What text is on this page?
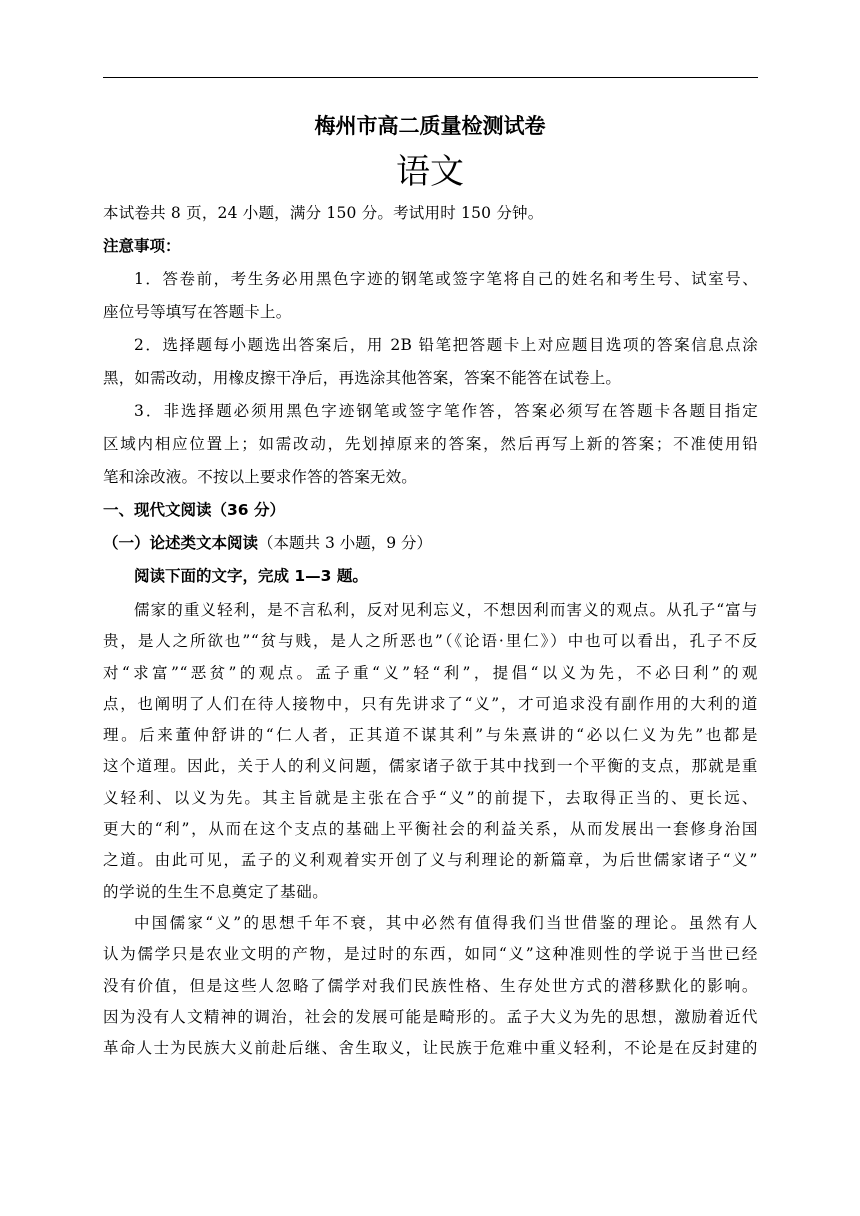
梅州市高二质量检测试卷
语文

本试卷共 8 页，24 小题，满分 150 分。考试用时 150 分钟。

注意事项：

1．答卷前，考生务必用黑色字迹的钢笔或签字笔将自己的姓名和考生号、试室号、

座位号等填写在答题卡上。

2．选择题每小题选出答案后，用 2B 铅笔把答题卡上对应题目选项的答案信息点涂

黑，如需改动，用橡皮擦干净后，再选涂其他答案，答案不能答在试卷上。

3．非选择题必须用黑色字迹钢笔或签字笔作答，答案必须写在答题卡各题目指定

区域内相应位置上；如需改动，先划掉原来的答案，然后再写上新的答案；不准使用铅

笔和涂改液。不按以上要求作答的答案无效。

一、现代文阅读（36 分）

（一）论述类文本阅读（本题共 3 小题，9 分）

阅读下面的文字，完成 1—3 题。

儒家的重义轻利，是不言私利，反对见利忘义，不想因利而害义的观点。从孔子“富与
贵，是人之所欲也”“贫与贱，是人之所恶也”（《论语·里仁》）中也可以看出，孔子不反
对“求富”“恶贫”的观点。孟子重“义”轻“利”，提倡“以义为先，不必曰利”的观
点，也阐明了人们在待人接物中，只有先讲求了“义”，才可追求没有副作用的大利的道
理。后来董仲舒讲的“仁人者，正其道不谋其利”与朱熹讲的“必以仁义为先”也都是
这个道理。因此，关于人的利义问题，儒家诸子欲于其中找到一个平衡的支点，那就是重
义轻利、以义为先。其主旨就是主张在合乎“义”的前提下，去取得正当的、更长远、
更大的“利”，从而在这个支点的基础上平衡社会的利益关系，从而发展出一套修身治国
之道。由此可见，孟子的义利观着实开创了义与利理论的新篇章，为后世儒家诸子“义”
的学说的生生不息奠定了基础。
中国儒家“义”的思想千年不衰，其中必然有值得我们当世借鉴的理论。虽然有人
认为儒学只是农业文明的产物，是过时的东西，如同“义”这种准则性的学说于当世已经
没有价值，但是这些人忽略了儒学对我们民族性格、生存处世方式的潜移默化的影响。
因为没有人文精神的调治，社会的发展可能是畸形的。孟子大义为先的思想，激励着近代
革命人士为民族大义前赴后继、舍生取义，让民族于危难中重义轻利，不论是在反封建的
